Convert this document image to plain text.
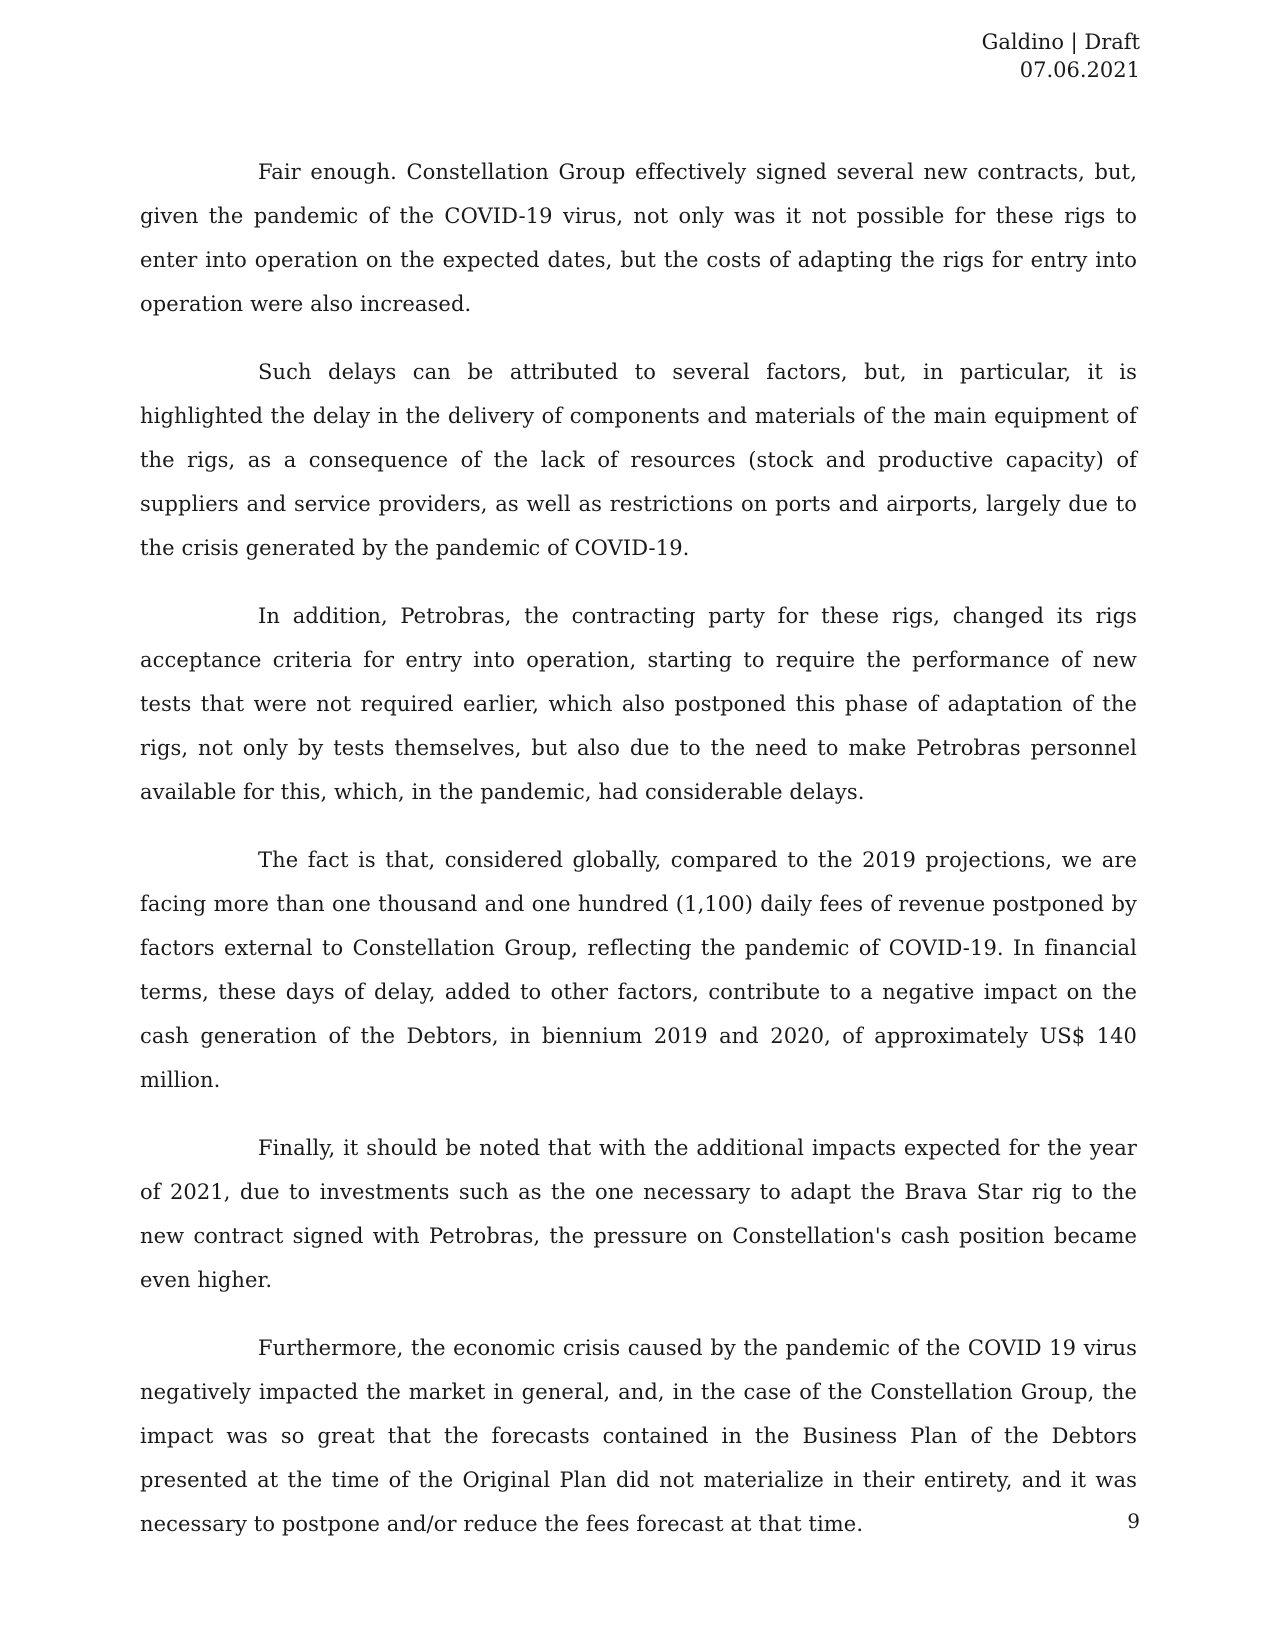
Galdino | Draft
07.06.2021

Fair enough. Constellation Group effectively signed several new contracts, but, given the pandemic of the COVID-19 virus, not only was it not possible for these rigs to enter into operation on the expected dates, but the costs of adapting the rigs for entry into operation were also increased.

Such delays can be attributed to several factors, but, in particular, it is highlighted the delay in the delivery of components and materials of the main equipment of the rigs, as a consequence of the lack of resources (stock and productive capacity) of suppliers and service providers, as well as restrictions on ports and airports, largely due to the crisis generated by the pandemic of COVID-19.

In addition, Petrobras, the contracting party for these rigs, changed its rigs acceptance criteria for entry into operation, starting to require the performance of new tests that were not required earlier, which also postponed this phase of adaptation of the rigs, not only by tests themselves, but also due to the need to make Petrobras personnel available for this, which, in the pandemic, had considerable delays.

The fact is that, considered globally, compared to the 2019 projections, we are facing more than one thousand and one hundred (1,100) daily fees of revenue postponed by factors external to Constellation Group, reflecting the pandemic of COVID-19. In financial terms, these days of delay, added to other factors, contribute to a negative impact on the cash generation of the Debtors, in biennium 2019 and 2020, of approximately US$ 140 million.

Finally, it should be noted that with the additional impacts expected for the year of 2021, due to investments such as the one necessary to adapt the Brava Star rig to the new contract signed with Petrobras, the pressure on Constellation's cash position became even higher.

Furthermore, the economic crisis caused by the pandemic of the COVID 19 virus negatively impacted the market in general, and, in the case of the Constellation Group, the impact was so great that the forecasts contained in the Business Plan of the Debtors presented at the time of the Original Plan did not materialize in their entirety, and it was necessary to postpone and/or reduce the fees forecast at that time.	9
